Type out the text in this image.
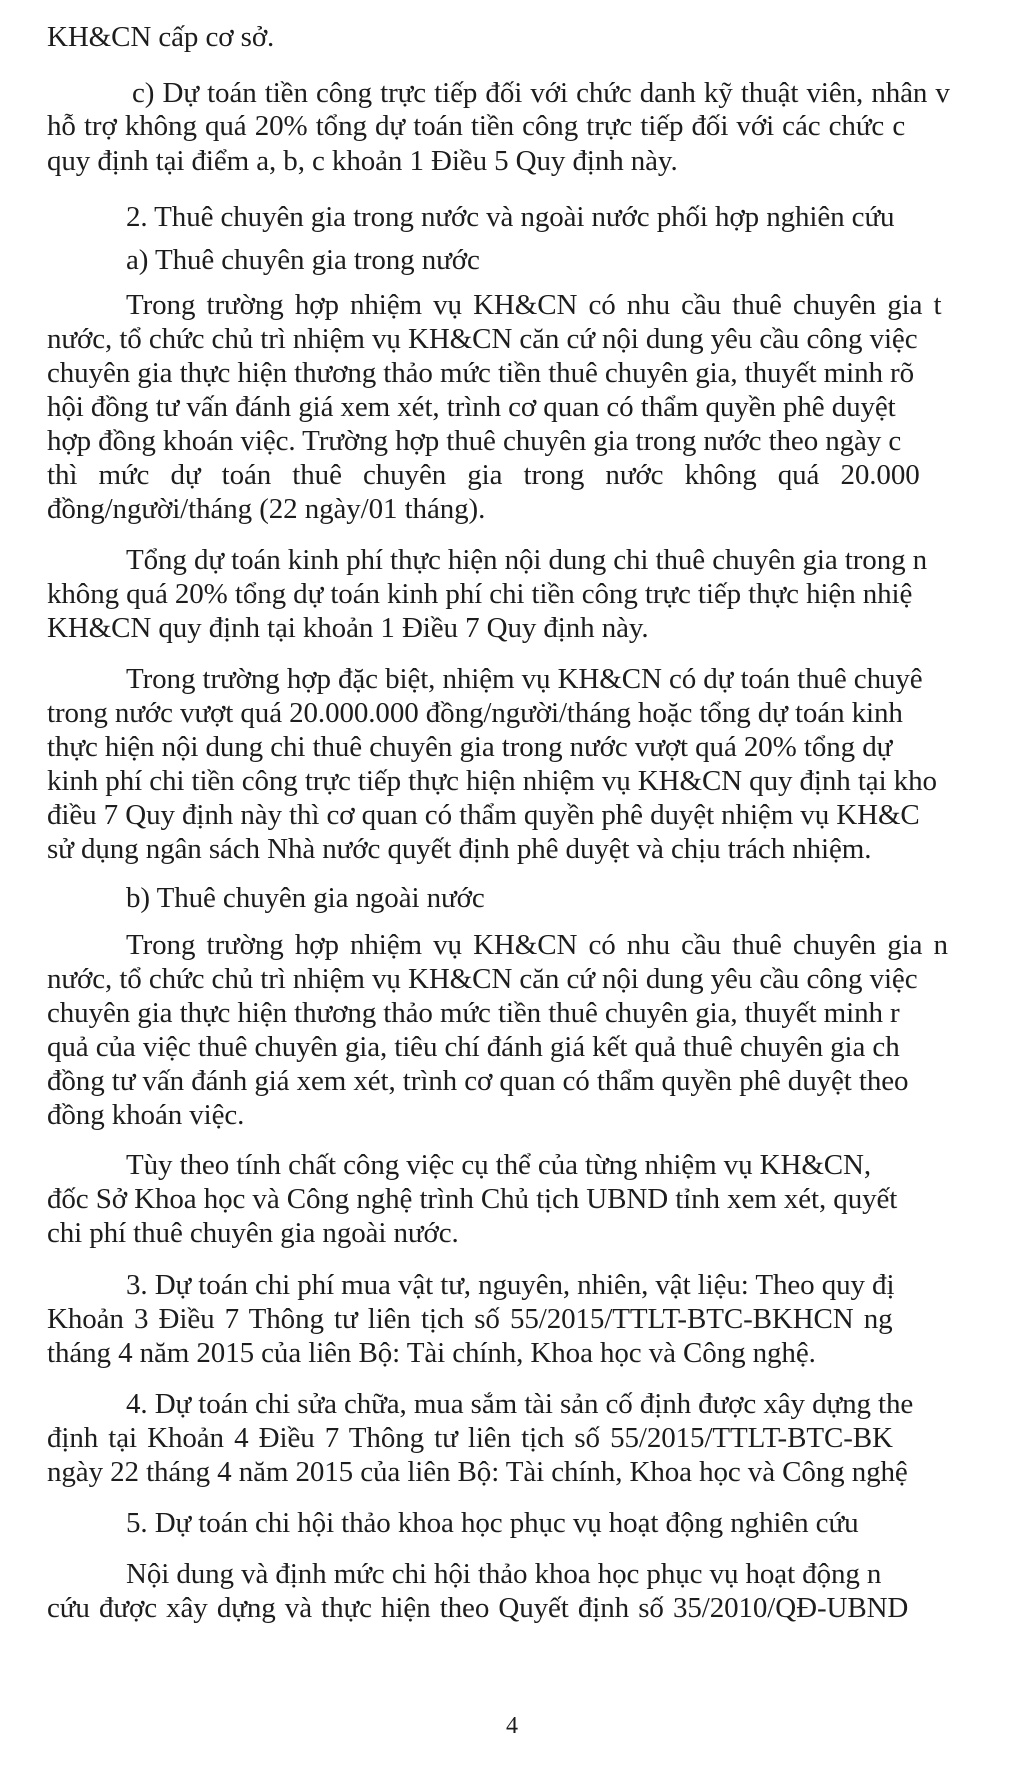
KH&CN cấp cơ sở.
c) Dự toán tiền công trực tiếp đối với chức danh kỹ thuật viên, nhân v
hỗ trợ không quá 20% tổng dự toán tiền công trực tiếp đối với các chức c
quy định tại điểm a, b, c khoản 1 Điều 5 Quy định này.
2. Thuê chuyên gia trong nước và ngoài nước phối hợp nghiên cứu
a) Thuê chuyên gia trong nước
Trong trường hợp nhiệm vụ KH&CN có nhu cầu thuê chuyên gia t
nước, tổ chức chủ trì nhiệm vụ KH&CN căn cứ nội dung yêu cầu công việc
chuyên gia thực hiện thương thảo mức tiền thuê chuyên gia, thuyết minh rõ
hội đồng tư vấn đánh giá xem xét, trình cơ quan có thẩm quyền phê duyệt
hợp đồng khoán việc. Trường hợp thuê chuyên gia trong nước theo ngày c
thì mức dự toán thuê chuyên gia trong nước không quá 20.000
đồng/người/tháng (22 ngày/01 tháng).
Tổng dự toán kinh phí thực hiện nội dung chi thuê chuyên gia trong n
không quá 20% tổng dự toán kinh phí chi tiền công trực tiếp thực hiện nhiệ
KH&CN quy định tại khoản 1 Điều 7 Quy định này.
Trong trường hợp đặc biệt, nhiệm vụ KH&CN có dự toán thuê chuyê
trong nước vượt quá 20.000.000 đồng/người/tháng hoặc tổng dự toán kinh
thực hiện nội dung chi thuê chuyên gia trong nước vượt quá 20% tổng dự
kinh phí chi tiền công trực tiếp thực hiện nhiệm vụ KH&CN quy định tại kho
điều 7 Quy định này thì cơ quan có thẩm quyền phê duyệt nhiệm vụ KH&C
sử dụng ngân sách Nhà nước quyết định phê duyệt và chịu trách nhiệm.
b) Thuê chuyên gia ngoài nước
Trong trường hợp nhiệm vụ KH&CN có nhu cầu thuê chuyên gia n
nước, tổ chức chủ trì nhiệm vụ KH&CN căn cứ nội dung yêu cầu công việc
chuyên gia thực hiện thương thảo mức tiền thuê chuyên gia, thuyết minh r
quả của việc thuê chuyên gia, tiêu chí đánh giá kết quả thuê chuyên gia ch
đồng tư vấn đánh giá xem xét, trình cơ quan có thẩm quyền phê duyệt theo
đồng khoán việc.
Tùy theo tính chất công việc cụ thể của từng nhiệm vụ KH&CN,
đốc Sở Khoa học và Công nghệ trình Chủ tịch UBND tỉnh xem xét, quyết
chi phí thuê chuyên gia ngoài nước.
3. Dự toán chi phí mua vật tư, nguyên, nhiên, vật liệu: Theo quy đị
Khoản 3 Điều 7 Thông tư liên tịch số 55/2015/TTLT-BTC-BKHCN ng
tháng 4 năm 2015 của liên Bộ: Tài chính, Khoa học và Công nghệ.
4. Dự toán chi sửa chữa, mua sắm tài sản cố định được xây dựng the
định tại Khoản 4 Điều 7 Thông tư liên tịch số 55/2015/TTLT-BTC-BK
ngày 22 tháng 4 năm 2015 của liên Bộ: Tài chính, Khoa học và Công nghệ
5. Dự toán chi hội thảo khoa học phục vụ hoạt động nghiên cứu
Nội dung và định mức chi hội thảo khoa học phục vụ hoạt động n
cứu được xây dựng và thực hiện theo Quyết định số 35/2010/QĐ-UBND
4
